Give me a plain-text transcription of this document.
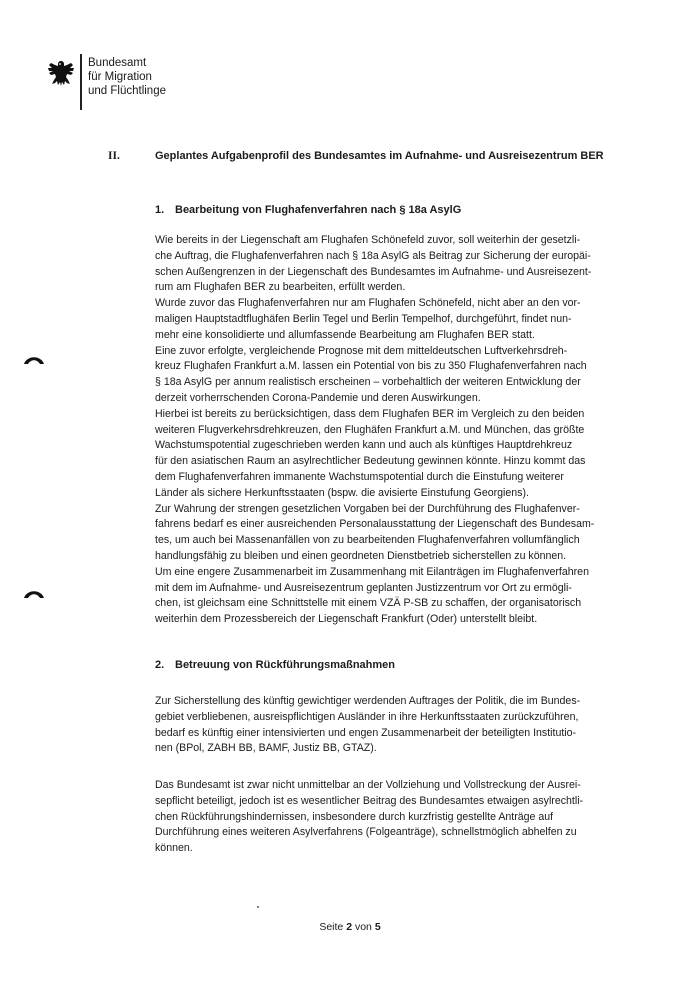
Bundesamt
für Migration
und Flüchtlinge
II.	Geplantes Aufgabenprofil des Bundesamtes im Aufnahme- und Ausreisezentrum BER
1. Bearbeitung von Flughafenverfahren nach § 18a AsylG
Wie bereits in der Liegenschaft am Flughafen Schönefeld zuvor, soll weiterhin der gesetzli-
che Auftrag, die Flughafenverfahren nach § 18a AsylG als Beitrag zur Sicherung der europäi-
schen Außengrenzen in der Liegenschaft des Bundesamtes im Aufnahme- und Ausreisezent-
rum am Flughafen BER zu bearbeiten, erfüllt werden.
Wurde zuvor das Flughafenverfahren nur am Flughafen Schönefeld, nicht aber an den vor-
maligen Hauptstadtflughäfen Berlin Tegel und Berlin Tempelhof, durchgeführt, findet nun-
mehr eine konsolidierte und allumfassende Bearbeitung am Flughafen BER statt.
Eine zuvor erfolgte, vergleichende Prognose mit dem mitteldeutschen Luftverkehrsdreh-
kreuz Flughafen Frankfurt a.M. lassen ein Potential von bis zu 350 Flughafenverfahren nach
§ 18a AsylG per annum realistisch erscheinen – vorbehaltlich der weiteren Entwicklung der
derzeit vorherrschenden Corona-Pandemie und deren Auswirkungen.
Hierbei ist bereits zu berücksichtigen, dass dem Flughafen BER im Vergleich zu den beiden
weiteren Flugverkehrsdrehkreuzen, den Flughäfen Frankfurt a.M. und München, das größte
Wachstumspotential zugeschrieben werden kann und auch als künftiges Hauptdrehkreuz
für den asiatischen Raum an asylrechtlicher Bedeutung gewinnen könnte. Hinzu kommt das
dem Flughafenverfahren immanente Wachstumspotential durch die Einstufung weiterer
Länder als sichere Herkunftsstaaten (bspw. die avisierte Einstufung Georgiens).
Zur Wahrung der strengen gesetzlichen Vorgaben bei der Durchführung des Flughafenver-
fahrens bedarf es einer ausreichenden Personalausstattung der Liegenschaft des Bundesam-
tes, um auch bei Massenanfällen von zu bearbeitenden Flughafenverfahren vollumfänglich
handlungsfähig zu bleiben und einen geordneten Dienstbetrieb sicherstellen zu können.
Um eine engere Zusammenarbeit im Zusammenhang mit Eilanträgen im Flughafenverfahren
mit dem im Aufnahme- und Ausreisezentrum geplanten Justizzentrum vor Ort zu ermögli-
chen, ist gleichsam eine Schnittstelle mit einem VZÄ P-SB zu schaffen, der organisatorisch
weiterhin dem Prozessbereich der Liegenschaft Frankfurt (Oder) unterstellt bleibt.
2. Betreuung von Rückführungsmaßnahmen
Zur Sicherstellung des künftig gewichtiger werdenden Auftrages der Politik, die im Bundes-
gebiet verbliebenen, ausreispflichtigen Ausländer in ihre Herkunftsstaaten zurückzuführen,
bedarf es künftig einer intensivierten und engen Zusammenarbeit der beteiligten Institutio-
nen (BPol, ZABH BB, BAMF, Justiz BB, GTAZ).
Das Bundesamt ist zwar nicht unmittelbar an der Vollziehung und Vollstreckung der Ausrei-
sepflicht beteiligt, jedoch ist es wesentlicher Beitrag des Bundesamtes etwaigen asylrechtli-
chen Rückführungshindernissen, insbesondere durch kurzfristig gestellte Anträge auf
Durchführung eines weiteren Asylverfahrens (Folgeanträge), schnellstmöglich abhelfen zu
können.
Seite 2 von 5
